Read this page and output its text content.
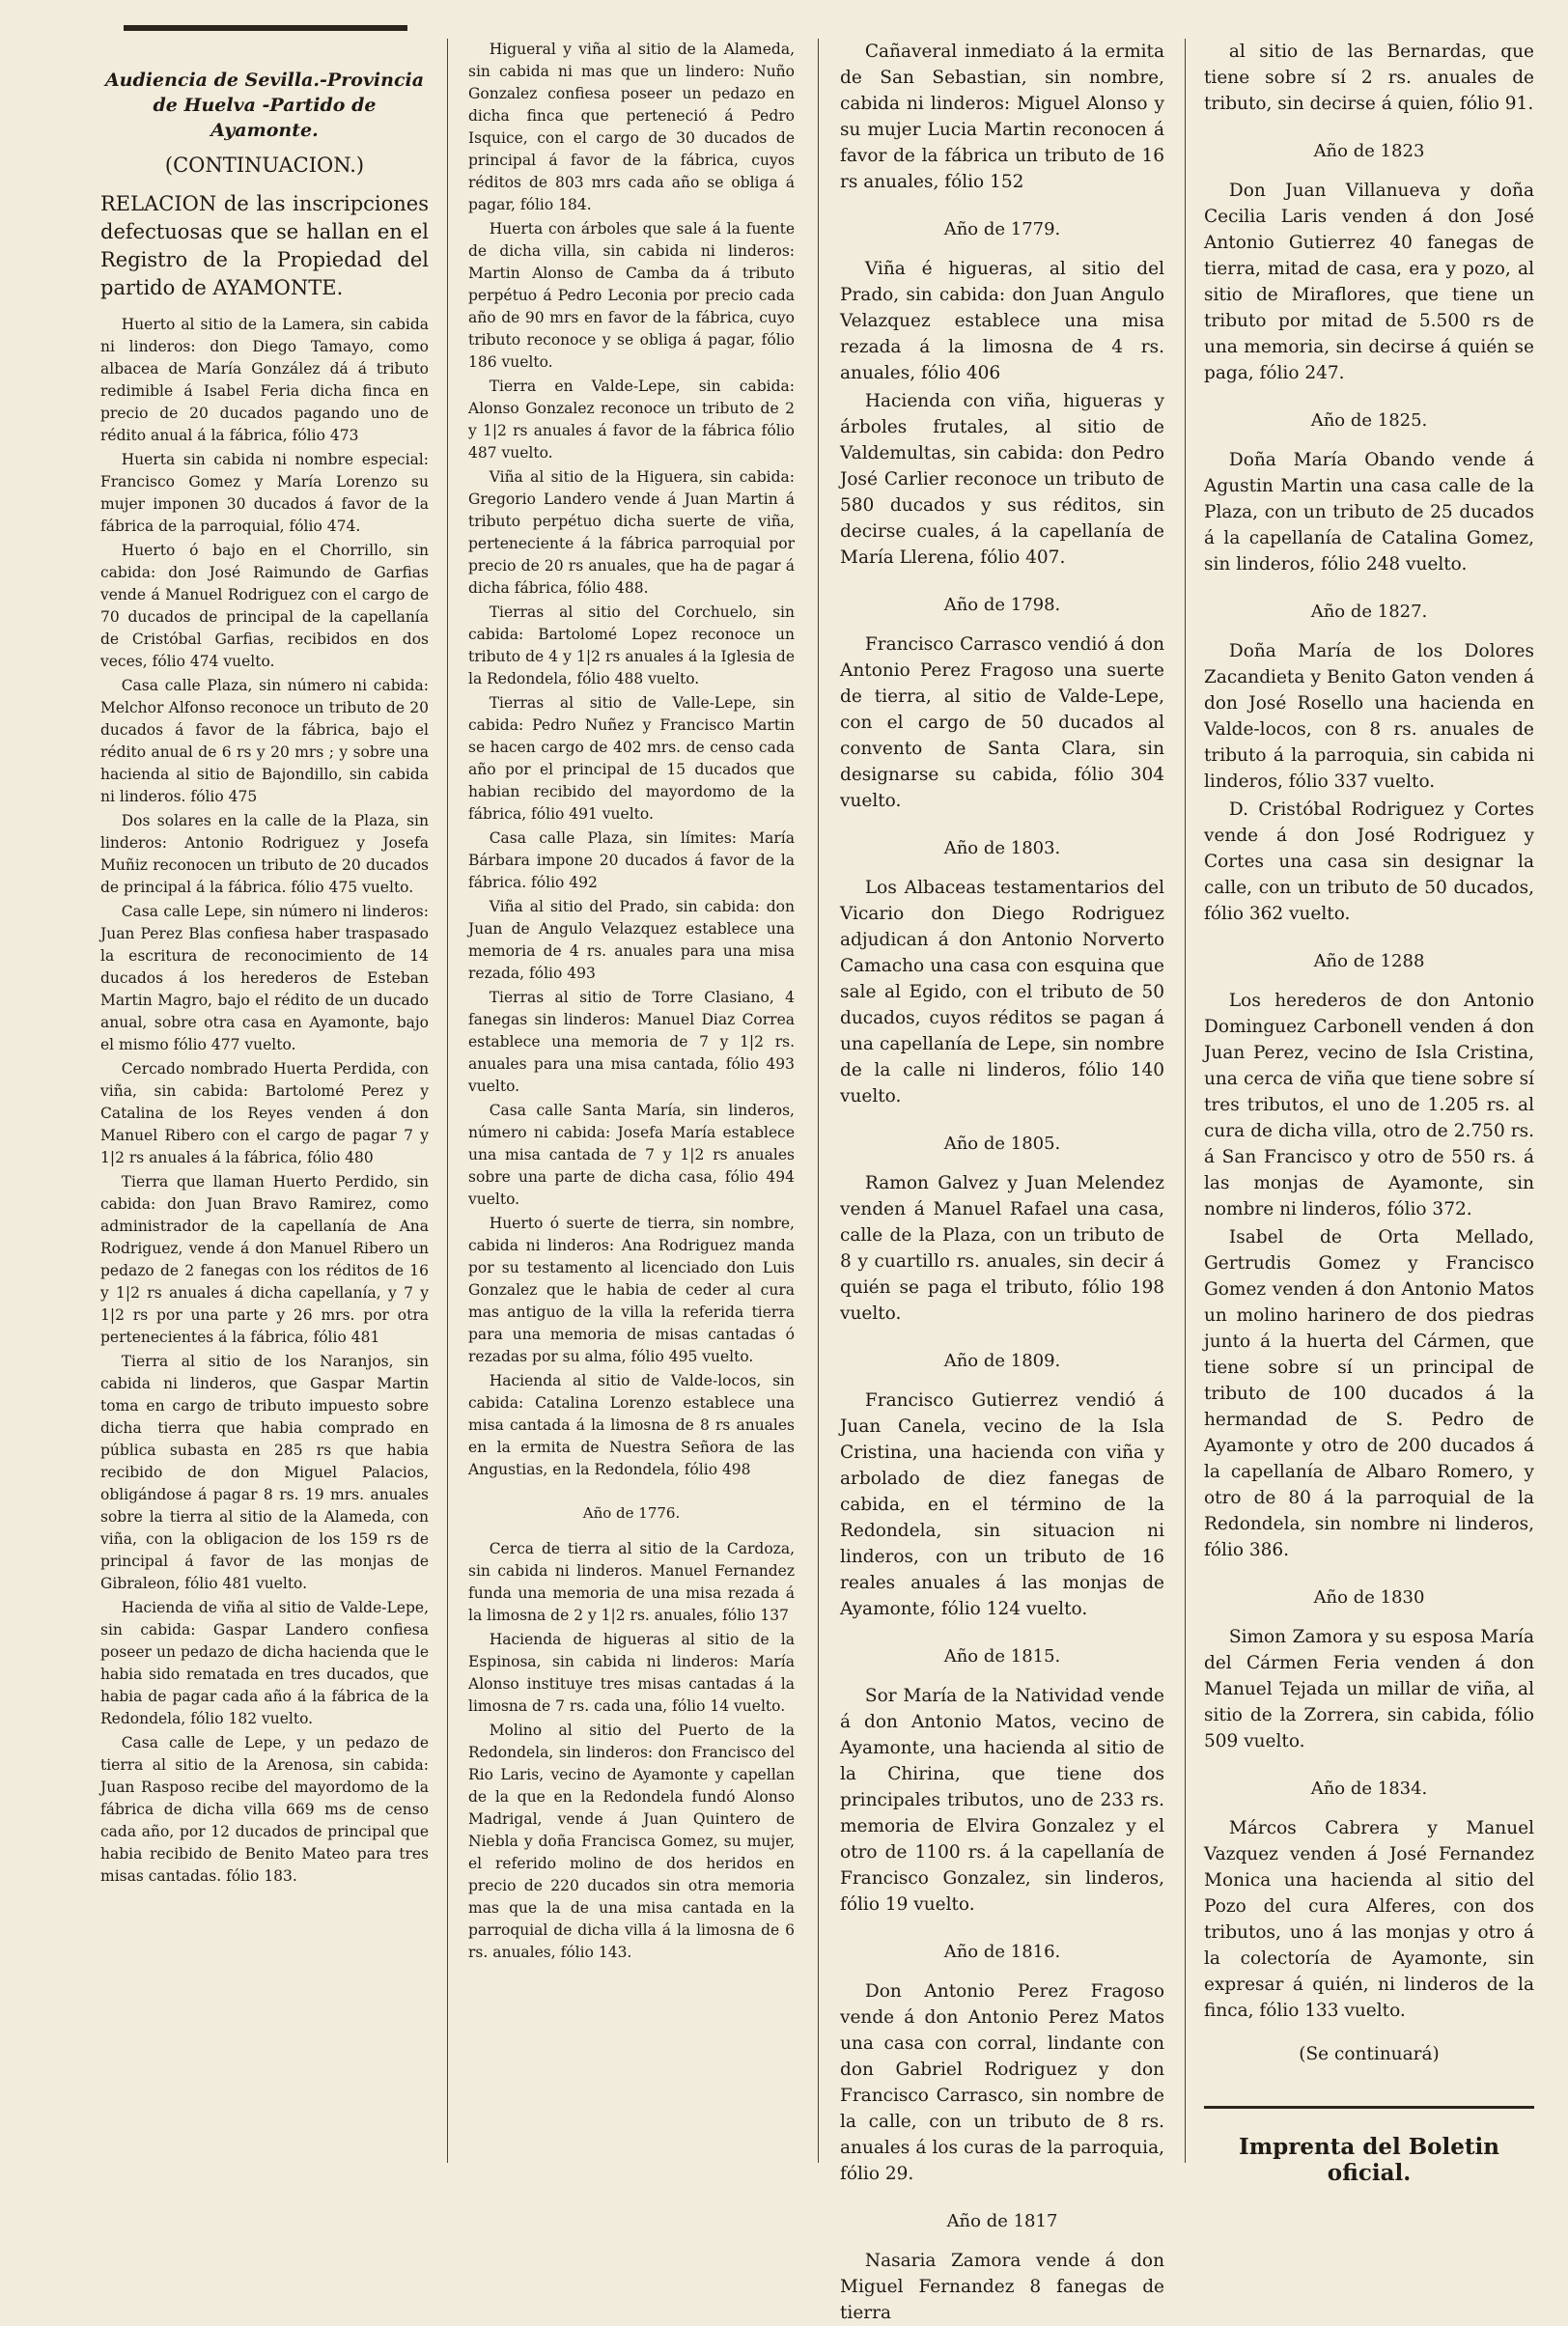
Audiencia de Sevilla.-Provincia de Huelva -Partido de Ayamonte.
(CONTINUACION.)

RELACION de las inscripciones defectuosas que se hallan en el Registro de la Propiedad del partido de AYAMONTE.

Huerto al sitio de la Lamera, sin cabida ni linderos: don Diego Tamayo, como albacea de María González dá á tributo redimible á Isabel Feria dicha finca en precio de 20 ducados pagando uno de rédito anual á la fábrica, fólio 473

Huerta sin cabida ni nombre especial: Francisco Gomez y María Lorenzo su mujer imponen 30 ducados á favor de la fábrica de la parroquial, fólio 474.

Huerto ó bajo en el Chorrillo, sin cabida: don José Raimundo de Garfias vende á Manuel Rodriguez con el cargo de 70 ducados de principal de la capellanía de Cristóbal Garfias, recibidos en dos veces, fólio 474 vuelto.

Casa calle Plaza, sin número ni cabida: Melchor Alfonso reconoce un tributo de 20 ducados á favor de la fábrica, bajo el rédito anual de 6 rs y 20 mrs ; y sobre una hacienda al sitio de Bajondillo, sin cabida ni linderos. fólio 475

Dos solares en la calle de la Plaza, sin linderos: Antonio Rodriguez y Josefa Muñiz reconocen un tributo de 20 ducados de principal á la fábrica. fólio 475 vuelto.

Casa calle Lepe, sin número ni linderos: Juan Perez Blas confiesa haber traspasado la escritura de reconocimiento de 14 ducados á los herederos de Esteban Martin Magro, bajo el rédito de un ducado anual, sobre otra casa en Ayamonte, bajo el mismo fólio 477 vuelto.

Cercado nombrado Huerta Perdida, con viña, sin cabida: Bartolomé Perez y Catalina de los Reyes venden á don Manuel Ribero con el cargo de pagar 7 y 1|2 rs anuales á la fábrica, fólio 480

Tierra que llaman Huerto Perdido, sin cabida: don Juan Bravo Ramirez, como administrador de la capellanía de Ana Rodriguez, vende á don Manuel Ribero un pedazo de 2 fanegas con los réditos de 16 y 1|2 rs anuales á dicha capellanía, y 7 y 1|2 rs por una parte y 26 mrs. por otra pertenecientes á la fábrica, fólio 481

Tierra al sitio de los Naranjos, sin cabida ni linderos, que Gaspar Martin toma en cargo de tributo impuesto sobre dicha tierra que habia comprado en pública subasta en 285 rs que habia recibido de don Miguel Palacios, obligándose á pagar 8 rs. 19 mrs. anuales sobre la tierra al sitio de la Alameda, con viña, con la obligacion de los 159 rs de principal á favor de las monjas de Gibraleon, fólio 481 vuelto.

Hacienda de viña al sitio de Valde-Lepe, sin cabida: Gaspar Landero confiesa poseer un pedazo de dicha hacienda que le habia sido rematada en tres ducados, que habia de pagar cada año á la fábrica de la Redondela, fólio 182 vuelto.

Casa calle de Lepe, y un pedazo de tierra al sitio de la Arenosa, sin cabida: Juan Rasposo recibe del mayordomo de la fábrica de dicha villa 669 ms de censo cada año, por 12 ducados de principal que habia recibido de Benito Mateo para tres misas cantadas. fólio 183.

Higueral y viña al sitio de la Alameda, sin cabida ni mas que un lindero: Nuño Gonzalez confiesa poseer un pedazo en dicha finca que perteneció á Pedro Isquice, con el cargo de 30 ducados de principal á favor de la fábrica, cuyos réditos de 803 mrs cada año se obliga á pagar, fólio 184.

Huerta con árboles que sale á la fuente de dicha villa, sin cabida ni linderos: Martin Alonso de Camba da á tributo perpétuo á Pedro Leconia por precio cada año de 90 mrs en favor de la fábrica, cuyo tributo reconoce y se obliga á pagar, fólio 186 vuelto.

Tierra en Valde-Lepe, sin cabida: Alonso Gonzalez reconoce un tributo de 2 y 1|2 rs anuales á favor de la fábrica fólio 487 vuelto.

Viña al sitio de la Higuera, sin cabida: Gregorio Landero vende á Juan Martin á tributo perpétuo dicha suerte de viña, perteneciente á la fábrica parroquial por precio de 20 rs anuales, que ha de pagar á dicha fábrica, fólio 488.

Tierras al sitio del Corchuelo, sin cabida: Bartolomé Lopez reconoce un tributo de 4 y 1|2 rs anuales á la Iglesia de la Redondela, fólio 488 vuelto.

Tierras al sitio de Valle-Lepe, sin cabida: Pedro Nuñez y Francisco Martin se hacen cargo de 402 mrs. de censo cada año por el principal de 15 ducados que habian recibido del mayordomo de la fábrica, fólio 491 vuelto.

Casa calle Plaza, sin límites: María Bárbara impone 20 ducados á favor de la fábrica. fólio 492

Viña al sitio del Prado, sin cabida: don Juan de Angulo Velazquez establece una memoria de 4 rs. anuales para una misa rezada, fólio 493

Tierras al sitio de Torre Clasiano, 4 fanegas sin linderos: Manuel Diaz Correa establece una memoria de 7 y 1|2 rs. anuales para una misa cantada, fólio 493 vuelto.

Casa calle Santa María, sin linderos, número ni cabida: Josefa María establece una misa cantada de 7 y 1|2 rs anuales sobre una parte de dicha casa, fólio 494 vuelto.

Huerto ó suerte de tierra, sin nombre, cabida ni linderos: Ana Rodriguez manda por su testamento al licenciado don Luis Gonzalez que le habia de ceder al cura mas antiguo de la villa la referida tierra para una memoria de misas cantadas ó rezadas por su alma, fólio 495 vuelto.

Hacienda al sitio de Valde-locos, sin cabida: Catalina Lorenzo establece una misa cantada á la limosna de 8 rs anuales en la ermita de Nuestra Señora de las Angustias, en la Redondela, fólio 498

Año de 1776.

Cerca de tierra al sitio de la Cardoza, sin cabida ni linderos. Manuel Fernandez funda una memoria de una misa rezada á la limosna de 2 y 1|2 rs. anuales, fólio 137

Hacienda de higueras al sitio de la Espinosa, sin cabida ni linderos: María Alonso instituye tres misas cantadas á la limosna de 7 rs. cada una, fólio 14 vuelto.

Molino al sitio del Puerto de la Redondela, sin linderos: don Francisco del Rio Laris, vecino de Ayamonte y capellan de la que en la Redondela fundó Alonso Madrigal, vende á Juan Quintero de Niebla y doña Francisca Gomez, su mujer, el referido molino de dos heridos en precio de 220 ducados sin otra memoria mas que la de una misa cantada en la parroquial de dicha villa á la limosna de 6 rs. anuales, fólio 143.

Cañaveral inmediato á la ermita de San Sebastian, sin nombre, cabida ni linderos: Miguel Alonso y su mujer Lucia Martin reconocen á favor de la fábrica un tributo de 16 rs anuales, fólio 152

Año de 1779.

Viña é higueras, al sitio del Prado, sin cabida: don Juan Angulo Velazquez establece una misa rezada á la limosna de 4 rs. anuales, fólio 406

Hacienda con viña, higueras y árboles frutales, al sitio de Valdemultas, sin cabida: don Pedro José Carlier reconoce un tributo de 580 ducados y sus réditos, sin decirse cuales, á la capellanía de María Llerena, fólio 407.

Año de 1798.

Francisco Carrasco vendió á don Antonio Perez Fragoso una suerte de tierra, al sitio de Valde-Lepe, con el cargo de 50 ducados al convento de Santa Clara, sin designarse su cabida, fólio 304 vuelto.

Año de 1803.

Los Albaceas testamentarios del Vicario don Diego Rodriguez adjudican á don Antonio Norverto Camacho una casa con esquina que sale al Egido, con el tributo de 50 ducados, cuyos réditos se pagan á una capellanía de Lepe, sin nombre de la calle ni linderos, fólio 140 vuelto.

Año de 1805.

Ramon Galvez y Juan Melendez venden á Manuel Rafael una casa, calle de la Plaza, con un tributo de 8 y cuartillo rs. anuales, sin decir á quién se paga el tributo, fólio 198 vuelto.

Año de 1809.

Francisco Gutierrez vendió á Juan Canela, vecino de la Isla Cristina, una hacienda con viña y arbolado de diez fanegas de cabida, en el término de la Redondela, sin situacion ni linderos, con un tributo de 16 reales anuales á las monjas de Ayamonte, fólio 124 vuelto.

Año de 1815.

Sor María de la Natividad vende á don Antonio Matos, vecino de Ayamonte, una hacienda al sitio de la Chirina, que tiene dos principales tributos, uno de 233 rs. memoria de Elvira Gonzalez y el otro de 1100 rs. á la capellanía de Francisco Gonzalez, sin linderos, fólio 19 vuelto.

Año de 1816.

Don Antonio Perez Fragoso vende á don Antonio Perez Matos una casa con corral, lindante con don Gabriel Rodriguez y don Francisco Carrasco, sin nombre de la calle, con un tributo de 8 rs. anuales á los curas de la parroquia, fólio 29.

Año de 1817

Nasaria Zamora vende á don Miguel Fernandez 8 fanegas de tierra

al sitio de las Bernardas, que tiene sobre sí 2 rs. anuales de tributo, sin decirse á quien, fólio 91.

Año de 1823

Don Juan Villanueva y doña Cecilia Laris venden á don José Antonio Gutierrez 40 fanegas de tierra, mitad de casa, era y pozo, al sitio de Miraflores, que tiene un tributo por mitad de 5.500 rs de una memoria, sin decirse á quién se paga, fólio 247.

Año de 1825.

Doña María Obando vende á Agustin Martin una casa calle de la Plaza, con un tributo de 25 ducados á la capellanía de Catalina Gomez, sin linderos, fólio 248 vuelto.

Año de 1827.

Doña María de los Dolores Zacandieta y Benito Gaton venden á don José Rosello una hacienda en Valde-locos, con 8 rs. anuales de tributo á la parroquia, sin cabida ni linderos, fólio 337 vuelto.

D. Cristóbal Rodriguez y Cortes vende á don José Rodriguez y Cortes una casa sin designar la calle, con un tributo de 50 ducados, fólio 362 vuelto.

Año de 1288

Los herederos de don Antonio Dominguez Carbonell venden á don Juan Perez, vecino de Isla Cristina, una cerca de viña que tiene sobre sí tres tributos, el uno de 1.205 rs. al cura de dicha villa, otro de 2.750 rs. á San Francisco y otro de 550 rs. á las monjas de Ayamonte, sin nombre ni linderos, fólio 372.

Isabel de Orta Mellado, Gertrudis Gomez y Francisco Gomez venden á don Antonio Matos un molino harinero de dos piedras junto á la huerta del Cármen, que tiene sobre sí un principal de tributo de 100 ducados á la hermandad de S. Pedro de Ayamonte y otro de 200 ducados á la capellanía de Albaro Romero, y otro de 80 á la parroquial de la Redondela, sin nombre ni linderos, fólio 386.

Año de 1830

Simon Zamora y su esposa María del Cármen Feria venden á don Manuel Tejada un millar de viña, al sitio de la Zorrera, sin cabida, fólio 509 vuelto.

Año de 1834.

Márcos Cabrera y Manuel Vazquez venden á José Fernandez Monica una hacienda al sitio del Pozo del cura Alferes, con dos tributos, uno á las monjas y otro á la colectoría de Ayamonte, sin expresar á quién, ni linderos de la finca, fólio 133 vuelto.

(Se continuará)
Imprenta del Boletin oficial.
